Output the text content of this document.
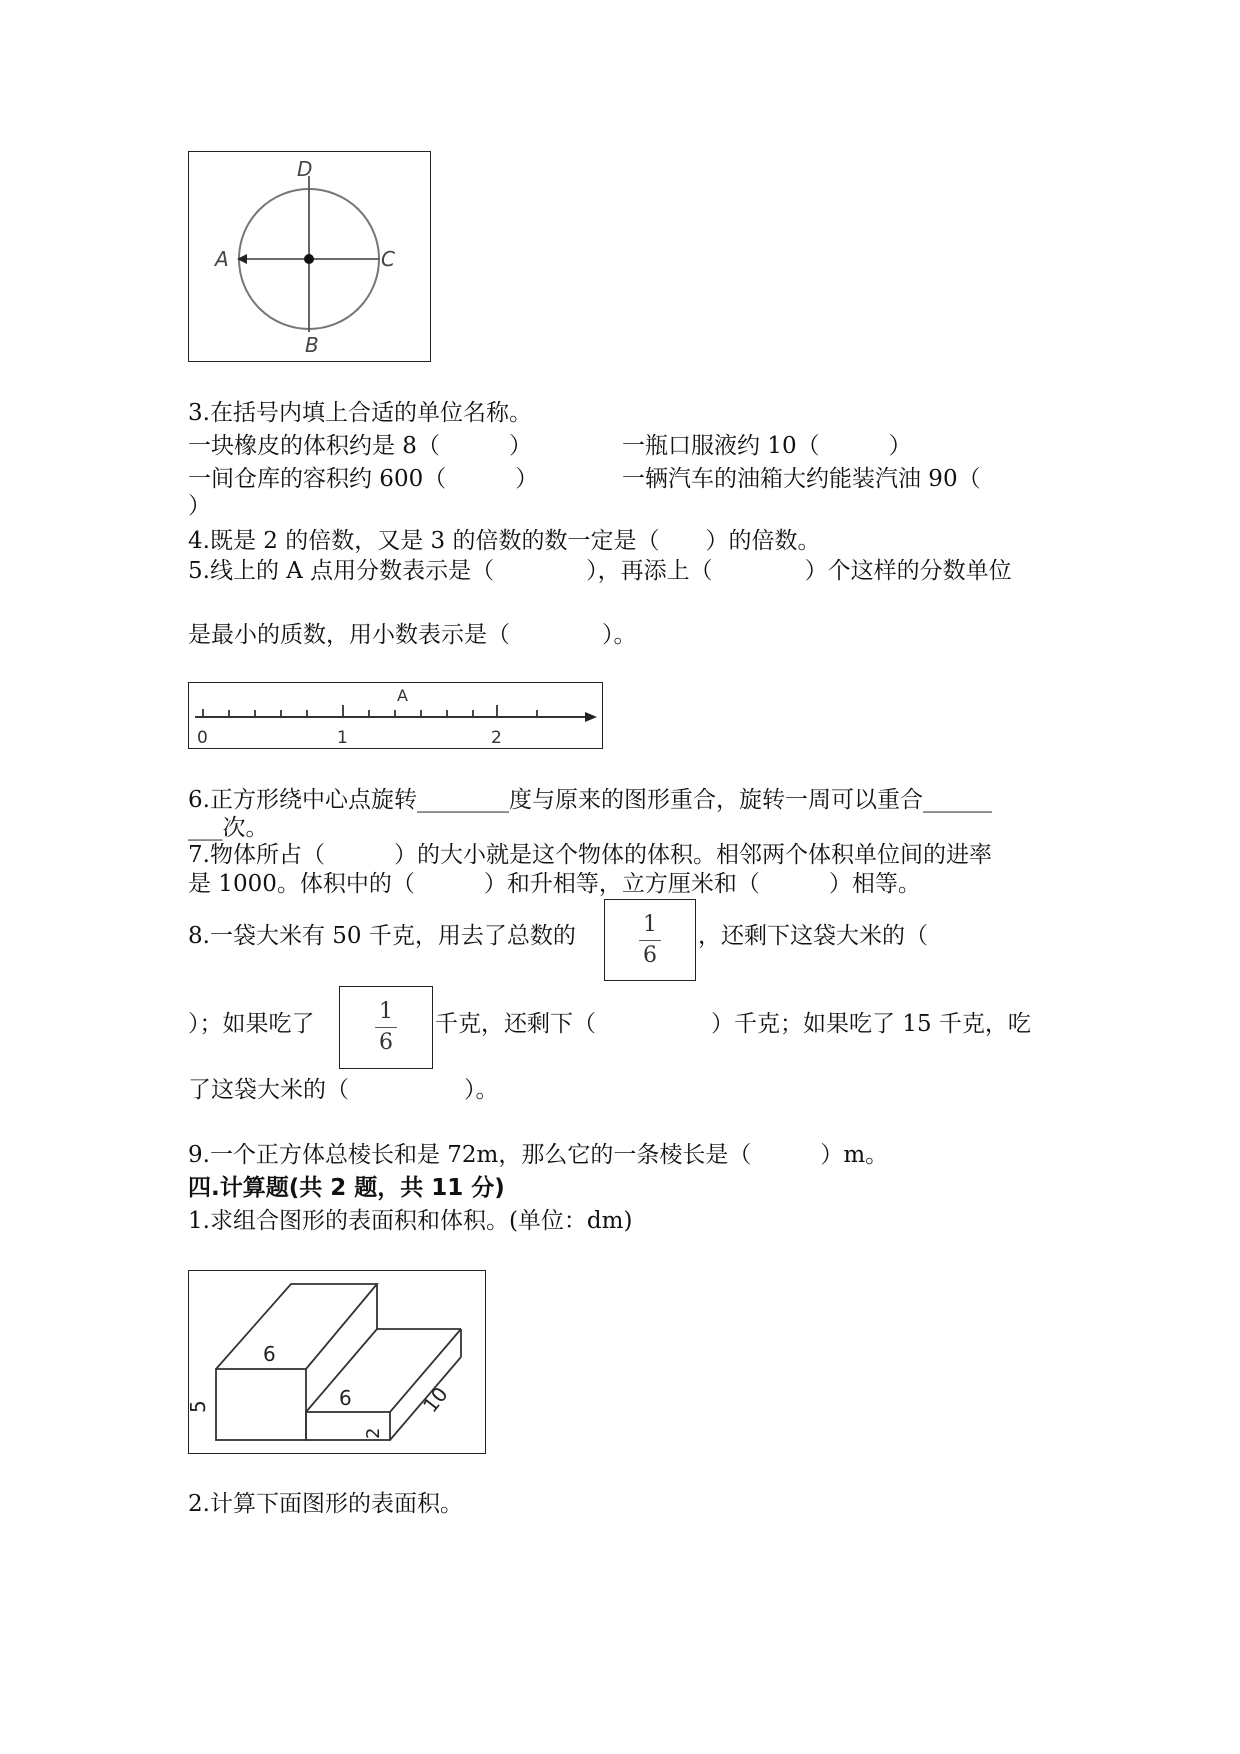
D
A	C
B
3.在括号内填上合适的单位名称。
一块橡皮的体积约是 8（　　　）	一瓶口服液约 10（　　　）
一间仓库的容积约 600（　　　）	一辆汽车的油箱大约能装汽油 90（
）
4.既是 2 的倍数，又是 3 的倍数的数一定是（　　）的倍数。
5.线上的 A 点用分数表示是（　　　　），再添上（　　　　）个这样的分数单位
是最小的质数，用小数表示是（　　　　）。
A
0	1	2
6.正方形绕中心点旋转________度与原来的图形重合，旋转一周可以重合______
___次。
7.物体所占（　　　）的大小就是这个物体的体积。相邻两个体积单位间的进率
是 1000。体积中的（　　　）和升相等，立方厘米和（　　　）相等。
8.一袋大米有 50 千克，用去了总数的	1
6
，还剩下这袋大米的（
）；如果吃了	1
6
千克，还剩下（　　　　　）千克；如果吃了 15 千克，吃
了这袋大米的（　　　　　）。
9.一个正方体总棱长和是 72m，那么它的一条棱长是（　　　）m。
四.计算题(共 2 题，共 11 分)
1.求组合图形的表面积和体积。(单位：dm)
6
6
5
2
10
2.计算下面图形的表面积。
